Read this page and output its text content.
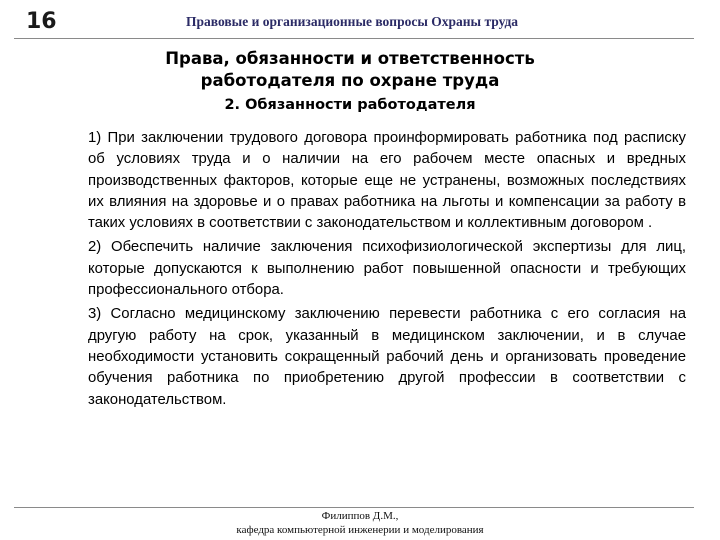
16	Правовые и организационные вопросы Охраны труда
Права, обязанности и ответственность
работодателя по охране труда
2. Обязанности работодателя

1) При заключении трудового договора проинформировать работника под расписку об условиях труда и о наличии на его рабочем месте опасных и вредных производственных факторов, которые еще не устранены, возможных последствиях их влияния на здоровье и о правах работника на льготы и компенсации за работу в таких условиях в соответствии с законодательством и коллективным договором .

2) Обеспечить наличие заключения психофизиологической экспертизы для лиц, которые допускаются к выполнению работ повышенной опасности и требующих профессионального отбора.

3) Согласно медицинскому заключению перевести работника с его согласия на другую работу на срок, указанный в медицинском заключении, и в случае необходимости установить сокращенный рабочий день и организовать проведение обучения работника по приобретению другой профессии в соответствии с законодательством.

Филиппов Д.М.,
кафедра компьютерной инженерии и моделирования
